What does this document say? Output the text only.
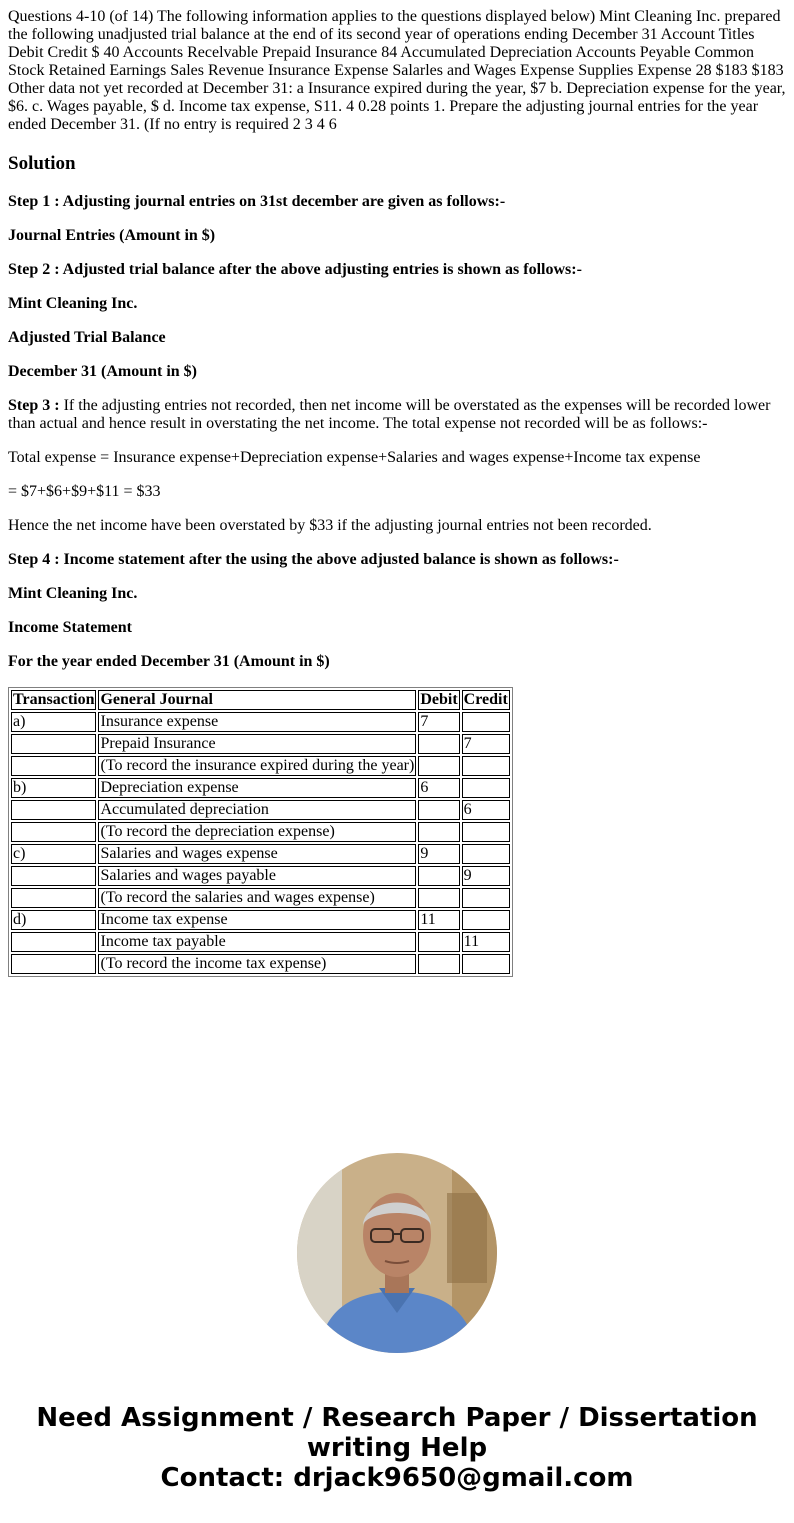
Questions 4-10 (of 14) The following information applies to the questions displayed below) Mint Cleaning Inc. prepared the following unadjusted trial balance at the end of its second year of operations ending December 31 Account Titles Debit Credit $ 40 Accounts Recelvable Prepaid Insurance 84 Accumulated Depreciation Accounts Peyable Common Stock Retained Earnings Sales Revenue Insurance Expense Salarles and Wages Expense Supplies Expense 28 $183 $183 Other data not yet recorded at December 31: a Insurance expired during the year, $7 b. Depreciation expense for the year, $6. c. Wages payable, $ d. Income tax expense, S11. 4 0.28 points 1. Prepare the adjusting journal entries for the year ended December 31. (If no entry is required 2 3 4 6

Solution

Step 1 : Adjusting journal entries on 31st december are given as follows:-

Journal Entries (Amount in $)

Step 2 : Adjusted trial balance after the above adjusting entries is shown as follows:-

Mint Cleaning Inc.

Adjusted Trial Balance

December 31 (Amount in $)

Step 3 : If the adjusting entries not recorded, then net income will be overstated as the expenses will be recorded lower than actual and hence result in overstating the net income. The total expense not recorded will be as follows:-

Total expense = Insurance expense+Depreciation expense+Salaries and wages expense+Income tax expense

= $7+$6+$9+$11 = $33

Hence the net income have been overstated by $33 if the adjusting journal entries not been recorded.

Step 4 : Income statement after the using the above adjusted balance is shown as follows:-

Mint Cleaning Inc.

Income Statement

For the year ended December 31 (Amount in $)

Transaction	General Journal	Debit	Credit
a)	Insurance expense	7	
	Prepaid Insurance		7
	(To record the insurance expired during the year)		
b)	Depreciation expense	6	
	Accumulated depreciation		6
	(To record the depreciation expense)		
c)	Salaries and wages expense	9	
	Salaries and wages payable		9
	(To record the salaries and wages expense)		
d)	Income tax expense	11	
	Income tax payable		11
	(To record the income tax expense)		
Need Assignment / Research Paper / Dissertation
writing Help
Contact: drjack9650@gmail.com
